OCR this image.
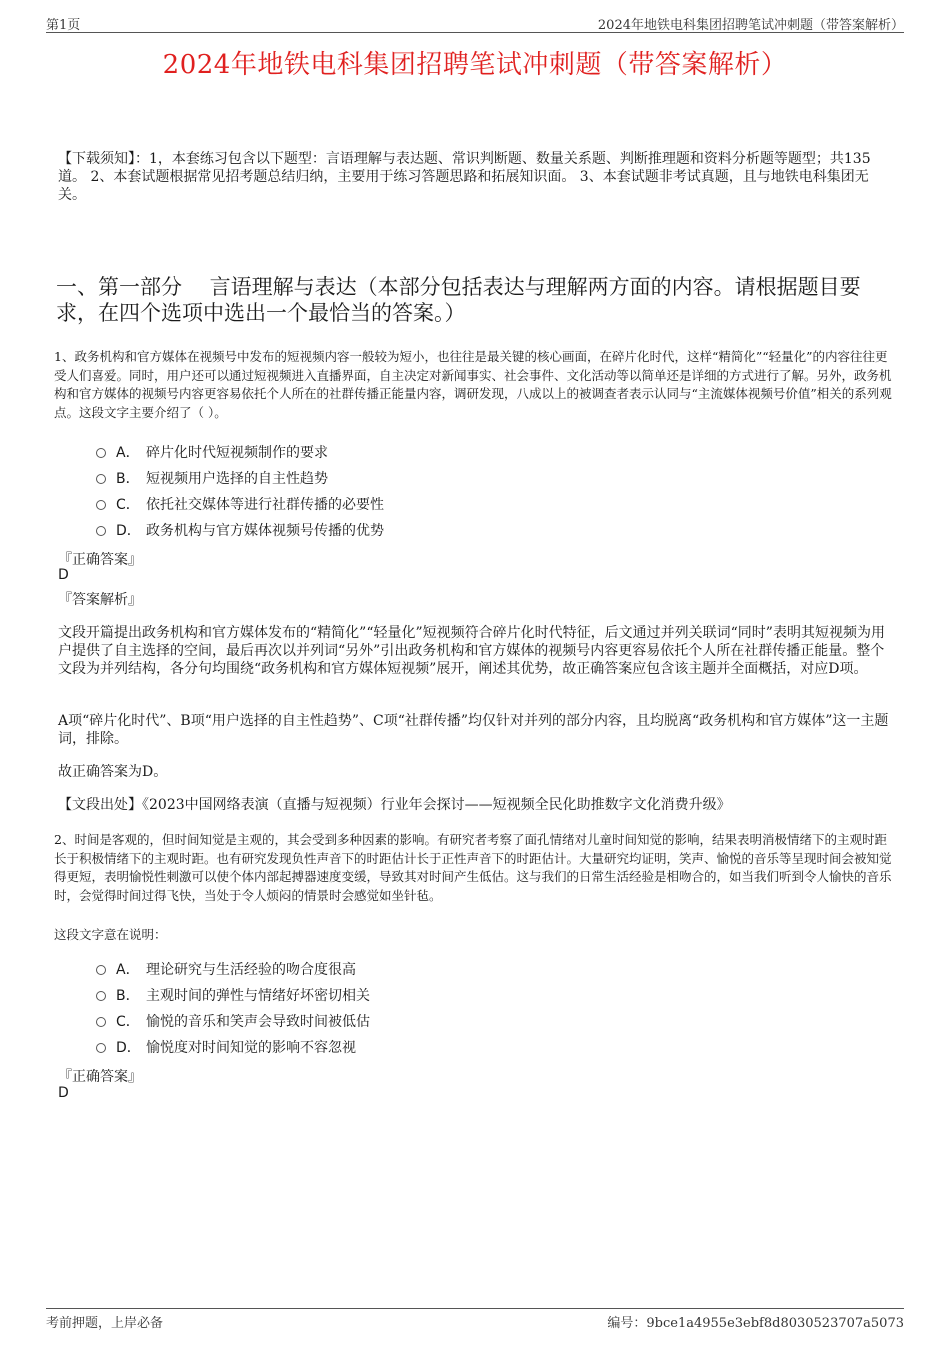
第1页	2024年地铁电科集团招聘笔试冲刺题（带答案解析）
2024年地铁电科集团招聘笔试冲刺题（带答案解析）

【下载须知】：1，本套练习包含以下题型：言语理解与表达题、常识判断题、数量关系题、判断推理题和资料分析题等题型；共135道。 2、本套试题根据常见招考题总结归纳，主要用于练习答题思路和拓展知识面。 3、本套试题非考试真题，且与地铁电科集团无关。

一、第一部分　 言语理解与表达（本部分包括表达与理解两方面的内容。请根据题目要求，在四个选项中选出一个最恰当的答案。）

1、政务机构和官方媒体在视频号中发布的短视频内容一般较为短小，也往往是最关键的核心画面，在碎片化时代，这样“精简化”“轻量化”的内容往往更受人们喜爱。同时，用户还可以通过短视频进入直播界面，自主决定对新闻事实、社会事件、文化活动等以简单还是详细的方式进行了解。另外，政务机构和官方媒体的视频号内容更容易依托个人所在的社群传播正能量内容，调研发现，八成以上的被调查者表示认同与“主流媒体视频号价值”相关的系列观点。这段文字主要介绍了（ ）。

A． 碎片化时代短视频制作的要求
B． 短视频用户选择的自主性趋势
C． 依托社交媒体等进行社群传播的必要性
D． 政务机构与官方媒体视频号传播的优势
『正确答案』
D
『答案解析』

文段开篇提出政务机构和官方媒体发布的“精简化”“轻量化”短视频符合碎片化时代特征，后文通过并列关联词“同时”表明其短视频为用户提供了自主选择的空间，最后再次以并列词“另外”引出政务机构和官方媒体的视频号内容更容易依托个人所在社群传播正能量。整个文段为并列结构，各分句均围绕“政务机构和官方媒体短视频”展开，阐述其优势，故正确答案应包含该主题并全面概括，对应D项。

A项“碎片化时代”、B项“用户选择的自主性趋势”、C项“社群传播”均仅针对并列的部分内容，且均脱离“政务机构和官方媒体”这一主题词，排除。

故正确答案为D。

【文段出处】《2023中国网络表演（直播与短视频）行业年会探讨——短视频全民化助推数字文化消费升级》

2、时间是客观的，但时间知觉是主观的，其会受到多种因素的影响。有研究者考察了面孔情绪对儿童时间知觉的影响，结果表明消极情绪下的主观时距长于积极情绪下的主观时距。也有研究发现负性声音下的时距估计长于正性声音下的时距估计。大量研究均证明，笑声、愉悦的音乐等呈现时间会被知觉得更短，表明愉悦性刺激可以使个体内部起搏器速度变缓，导致其对时间产生低估。这与我们的日常生活经验是相吻合的，如当我们听到令人愉快的音乐时，会觉得时间过得飞快，当处于令人烦闷的情景时会感觉如坐针毡。

这段文字意在说明：
A． 理论研究与生活经验的吻合度很高
B． 主观时间的弹性与情绪好坏密切相关
C． 愉悦的音乐和笑声会导致时间被低估
D． 愉悦度对时间知觉的影响不容忽视
『正确答案』
D
考前押题，上岸必备	编号：9bce1a4955e3ebf8d8030523707a5073
